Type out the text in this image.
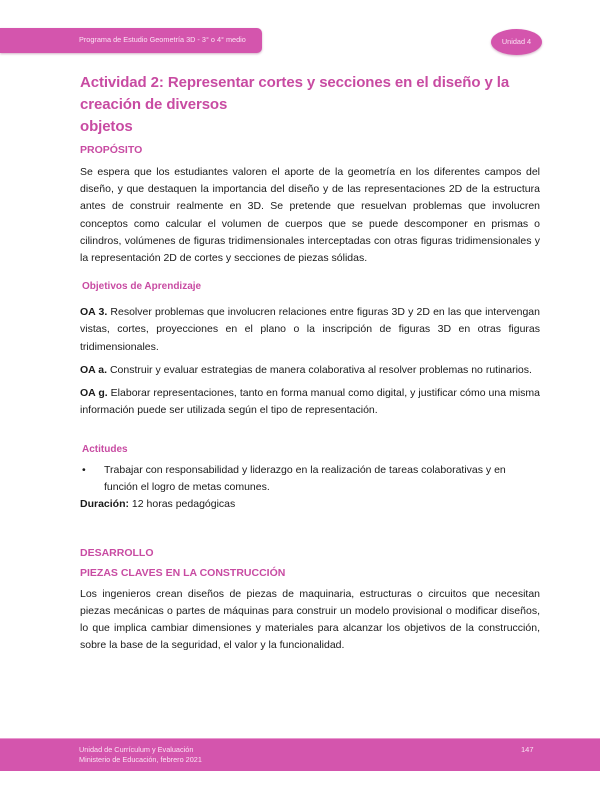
Programa de Estudio Geometría 3D - 3° o 4° medio	Unidad 4
Actividad 2: Representar cortes y secciones en el diseño y la creación de diversos
objetos
PROPÓSITO

Se espera que los estudiantes valoren el aporte de la geometría en los diferentes campos del diseño, y que destaquen la importancia del diseño y de las representaciones 2D de la estructura antes de construir realmente en 3D. Se pretende que resuelvan problemas que involucren conceptos como calcular el volumen de cuerpos que se puede descomponer en prismas o cilindros, volúmenes de figuras tridimensionales interceptadas con otras figuras tridimensionales y la representación 2D de cortes y secciones de piezas sólidas.

Objetivos de Aprendizaje

OA 3. Resolver problemas que involucren relaciones entre figuras 3D y 2D en las que intervengan vistas, cortes, proyecciones en el plano o la inscripción de figuras 3D en otras figuras tridimensionales.

OA a. Construir y evaluar estrategias de manera colaborativa al resolver problemas no rutinarios.

OA g. Elaborar representaciones, tanto en forma manual como digital, y justificar cómo una misma información puede ser utilizada según el tipo de representación.

Actitudes
•	Trabajar con responsabilidad y liderazgo en la realización de tareas colaborativas y en función el logro de metas comunes.

Duración: 12 horas pedagógicas

DESARROLLO
PIEZAS CLAVES EN LA CONSTRUCCIÓN

Los ingenieros crean diseños de piezas de maquinaria, estructuras o circuitos que necesitan piezas mecánicas o partes de máquinas para construir un modelo provisional o modificar diseños, lo que implica cambiar dimensiones y materiales para alcanzar los objetivos de la construcción, sobre la base de la seguridad, el valor y la funcionalidad.

Unidad de Currículum y Evaluación
Ministerio de Educación, febrero 2021
147
